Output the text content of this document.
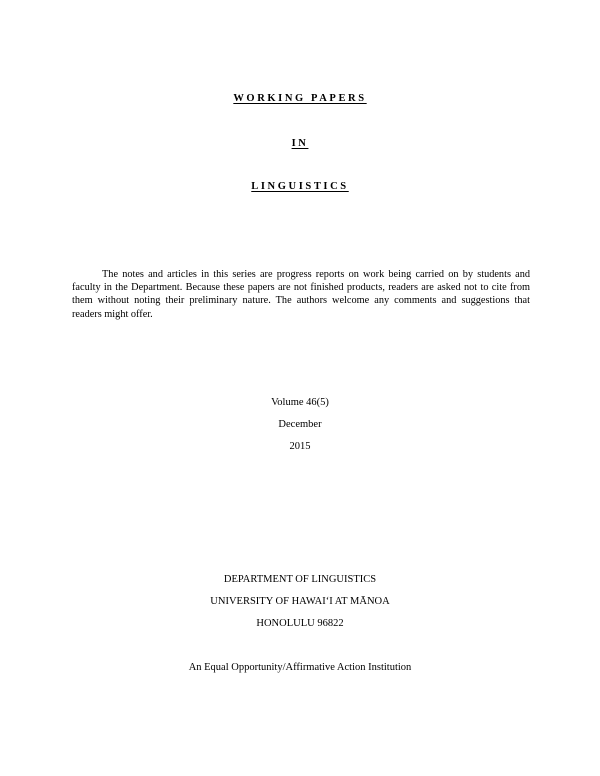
WORKING PAPERS
IN
LINGUISTICS

The notes and articles in this series are progress reports on work being carried on by students and faculty in the Department. Because these papers are not finished products, readers are asked not to cite from them without noting their preliminary nature. The authors welcome any comments and suggestions that readers might offer.

Volume 46(5)
December
2015
DEPARTMENT OF LINGUISTICS
UNIVERSITY OF HAWAI‘I AT MĀNOA
HONOLULU 96822
An Equal Opportunity/Affirmative Action Institution
